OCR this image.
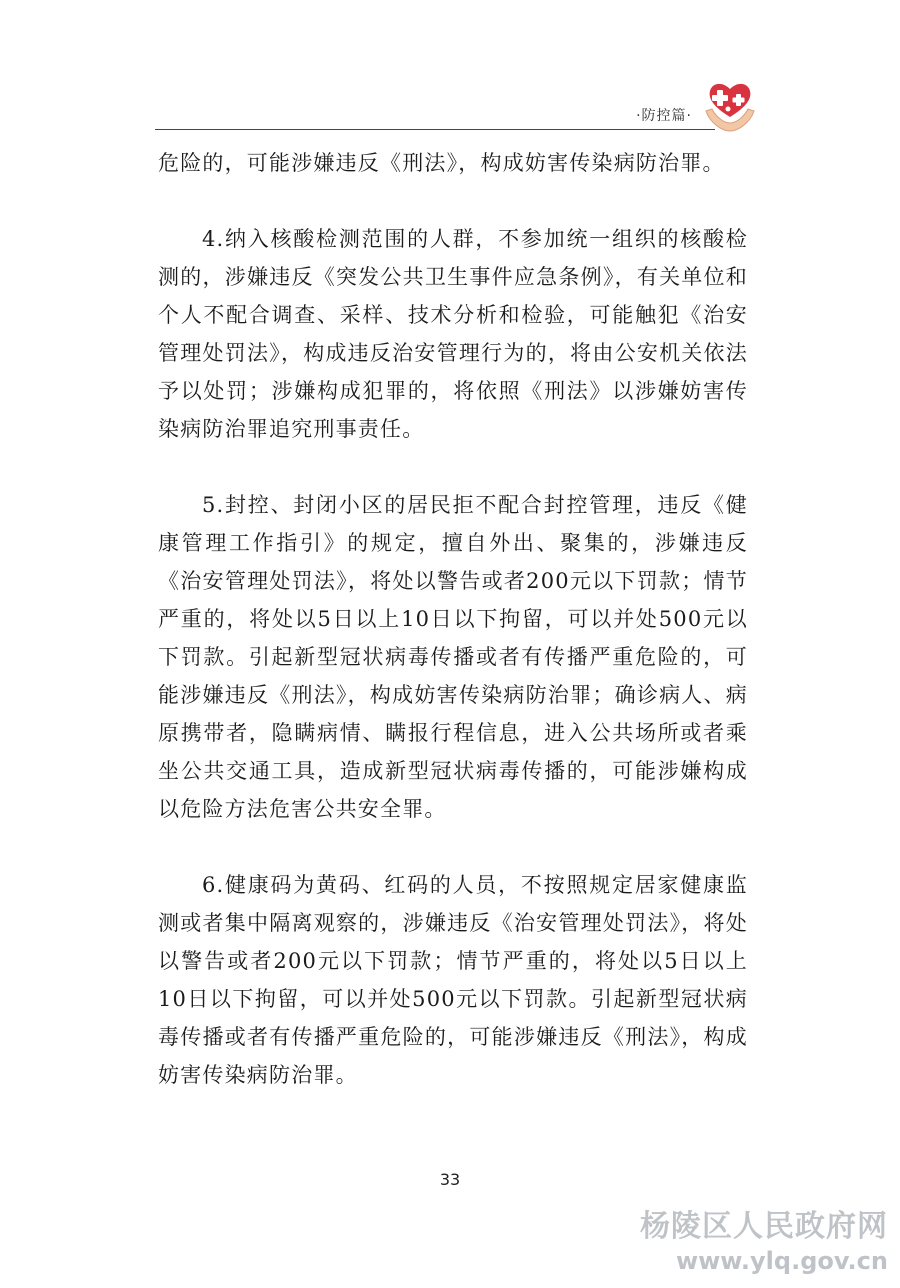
·防控篇·

危险的，可能涉嫌违反《刑法》，构成妨害传染病防治罪。

4.纳入核酸检测范围的人群，不参加统一组织的核酸检测的，涉嫌违反《突发公共卫生事件应急条例》，有关单位和个人不配合调查、采样、技术分析和检验，可能触犯《治安管理处罚法》，构成违反治安管理行为的，将由公安机关依法予以处罚；涉嫌构成犯罪的，将依照《刑法》以涉嫌妨害传染病防治罪追究刑事责任。

5.封控、封闭小区的居民拒不配合封控管理，违反《健康管理工作指引》的规定，擅自外出、聚集的，涉嫌违反《治安管理处罚法》，将处以警告或者200元以下罚款；情节严重的，将处以5日以上10日以下拘留，可以并处500元以下罚款。引起新型冠状病毒传播或者有传播严重危险的，可能涉嫌违反《刑法》，构成妨害传染病防治罪；确诊病人、病原携带者，隐瞒病情、瞒报行程信息，进入公共场所或者乘坐公共交通工具，造成新型冠状病毒传播的，可能涉嫌构成以危险方法危害公共安全罪。

6.健康码为黄码、红码的人员，不按照规定居家健康监测或者集中隔离观察的，涉嫌违反《治安管理处罚法》，将处以警告或者200元以下罚款；情节严重的，将处以5日以上10日以下拘留，可以并处500元以下罚款。引起新型冠状病毒传播或者有传播严重危险的，可能涉嫌违反《刑法》，构成妨害传染病防治罪。

33
杨陵区人民政府网
www.ylq.gov.cn
